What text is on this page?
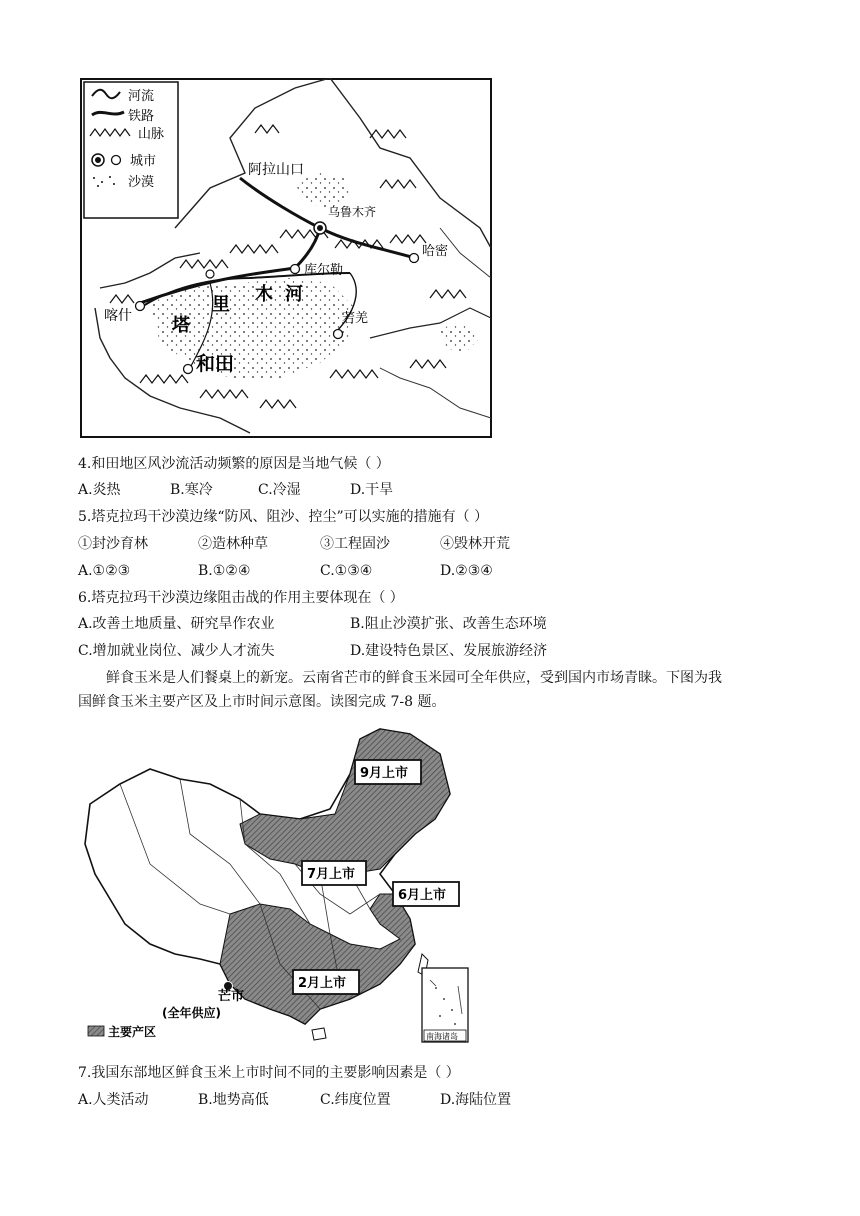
河流
铁路
山脉
城市
沙漠
阿拉山口
乌鲁木齐
哈密
库尔勒
喀什 塔
里 木 河
若羌
和田
4.和田地区风沙流活动频繁的原因是当地气候（ ）
A.炎热	B.寒冷	C.冷湿	D.干旱
5.塔克拉玛干沙漠边缘“防风、阻沙、控尘”可以实施的措施有（ ）
①封沙育林	②造林种草	③工程固沙	④毁林开荒
A.①②③	B.①②④	C.①③④	D.②③④
6.塔克拉玛干沙漠边缘阻击战的作用主要体现在（ ）
A.改善土地质量、研究旱作农业	B.阻止沙漠扩张、改善生态环境
C.增加就业岗位、减少人才流失	D.建设特色景区、发展旅游经济
鲜食玉米是人们餐桌上的新宠。云南省芒市的鲜食玉米园可全年供应，受到国内市场青睐。下图为我
国鲜食玉米主要产区及上市时间示意图。读图完成 7-8 题。
南海诸岛
9月上市
7月上市
6月上市
2月上市
芒市
(全年供应)
主要产区
7.我国东部地区鲜食玉米上市时间不同的主要影响因素是（ ）
A.人类活动	B.地势高低	C.纬度位置	D.海陆位置
